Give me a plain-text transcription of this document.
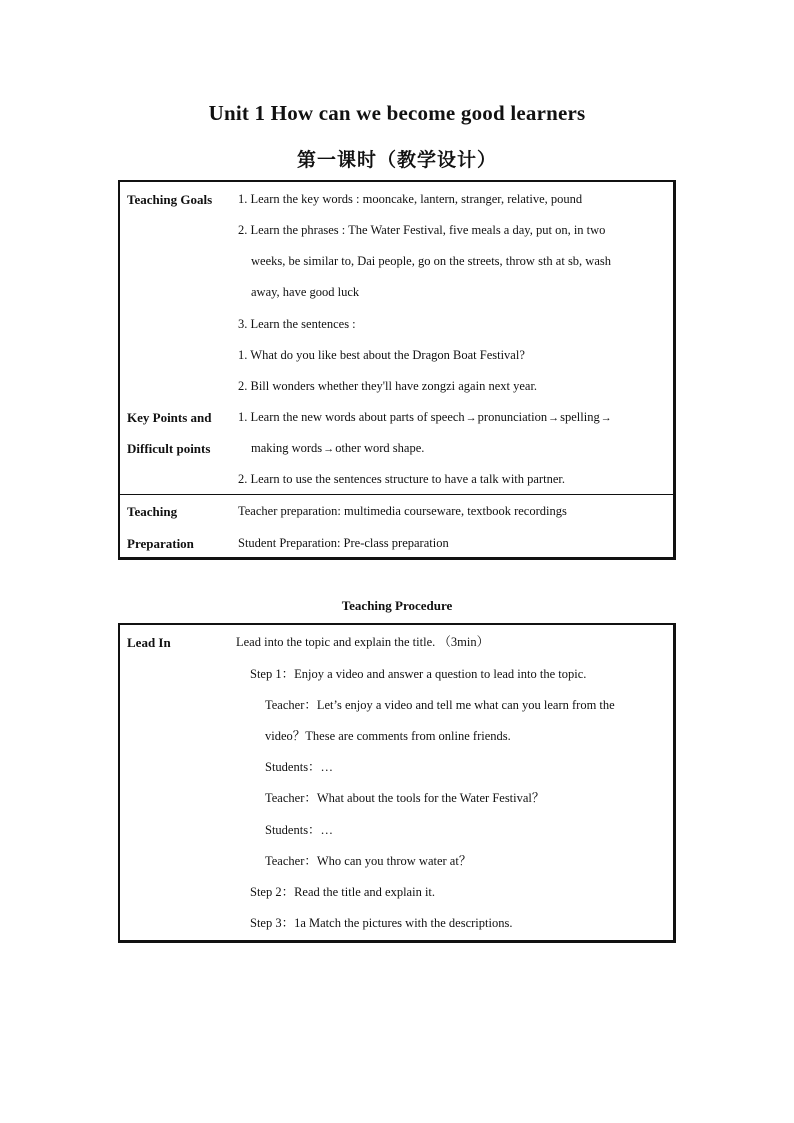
Unit 1 How can we become good learners
第一课时（教学设计）
Teaching Goals 1. Learn the key words : mooncake, lantern, stranger, relative, pound
2. Learn the phrases : The Water Festival, five meals a day, put on, in two
weeks, be similar to, Dai people, go on the streets, throw sth at sb, wash
away, have good luck
3. Learn the sentences :
1. What do you like best about the Dragon Boat Festival?
2. Bill wonders whether they'll have zongzi again next year.
Key Points and
Difficult points
1. Learn the new words about parts of speech→pronunciation→spelling→
making words→other word shape.
2. Learn to use the sentences structure to have a talk with partner.
Teaching
Preparation
Teacher preparation: multimedia courseware, textbook recordings
Student Preparation: Pre-class preparation
Teaching Procedure
Lead In	Lead into the topic and explain the title. （3min）
Step 1：Enjoy a video and answer a question to lead into the topic.
Teacher：Let’s enjoy a video and tell me what can you learn from the
video？These are comments from online friends.
Students：…
Teacher：What about the tools for the Water Festival？
Students：…
Teacher：Who can you throw water at？
Step 2：Read the title and explain it.
Step 3：1a Match the pictures with the descriptions.
